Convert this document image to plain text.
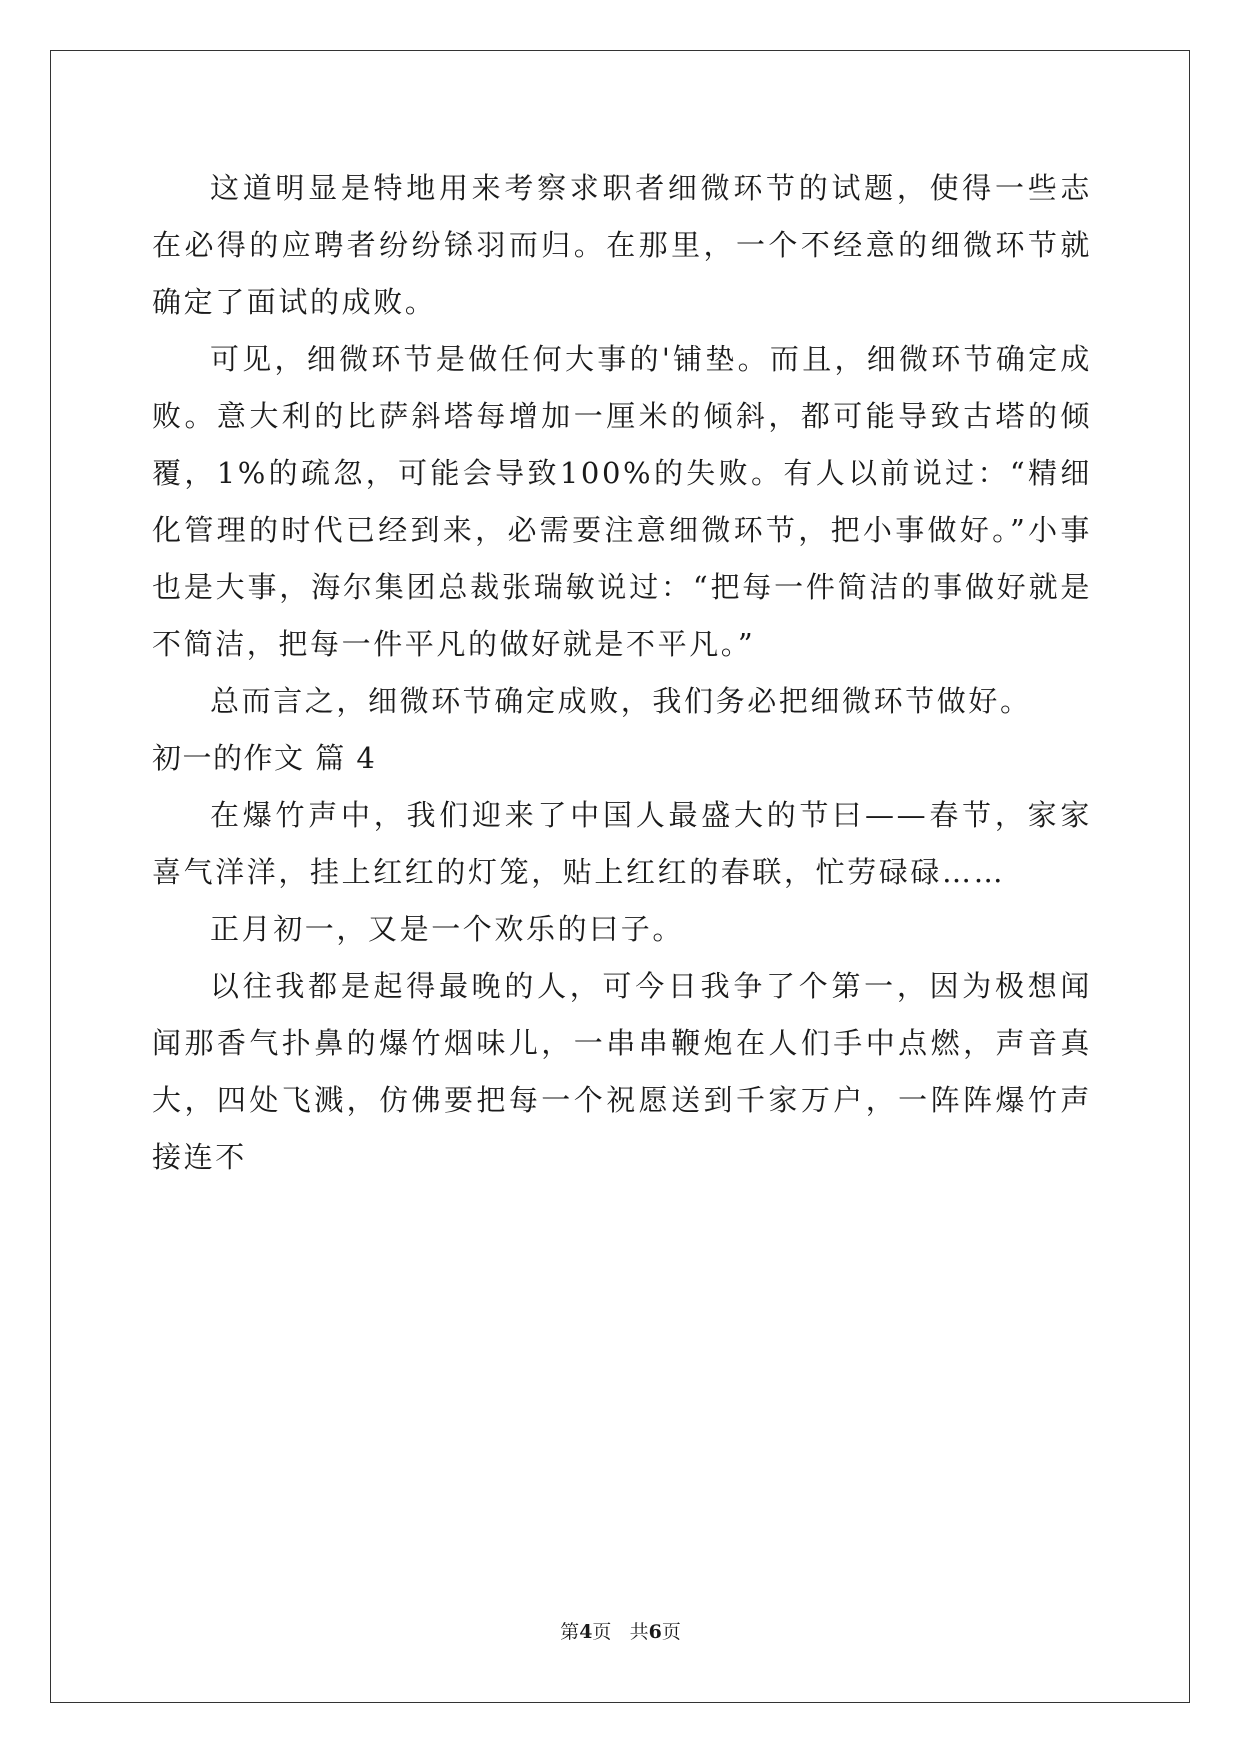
这道明显是特地用来考察求职者细微环节的试题，使得一些志在必得的应聘者纷纷铩羽而归。在那里，一个不经意的细微环节就确定了面试的成败。

可见，细微环节是做任何大事的'铺垫。而且，细微环节确定成败。意大利的比萨斜塔每增加一厘米的倾斜，都可能导致古塔的倾覆，1%的疏忽，可能会导致100%的失败。有人以前说过：“精细化管理的时代已经到来，必需要注意细微环节，把小事做好。”小事也是大事，海尔集团总裁张瑞敏说过：“把每一件简洁的事做好就是不简洁，把每一件平凡的做好就是不平凡。”

总而言之，细微环节确定成败，我们务必把细微环节做好。

初一的作文 篇 4

在爆竹声中，我们迎来了中国人最盛大的节曰——春节，家家喜气洋洋，挂上红红的灯笼，贴上红红的春联，忙劳碌碌……

正月初一，又是一个欢乐的曰子。

以往我都是起得最晚的人，可今日我争了个第一，因为极想闻闻那香气扑鼻的爆竹烟味儿，一串串鞭炮在人们手中点燃，声音真大，四处飞溅，仿佛要把每一个祝愿送到千家万户，一阵阵爆竹声接连不

第4页 共6页
